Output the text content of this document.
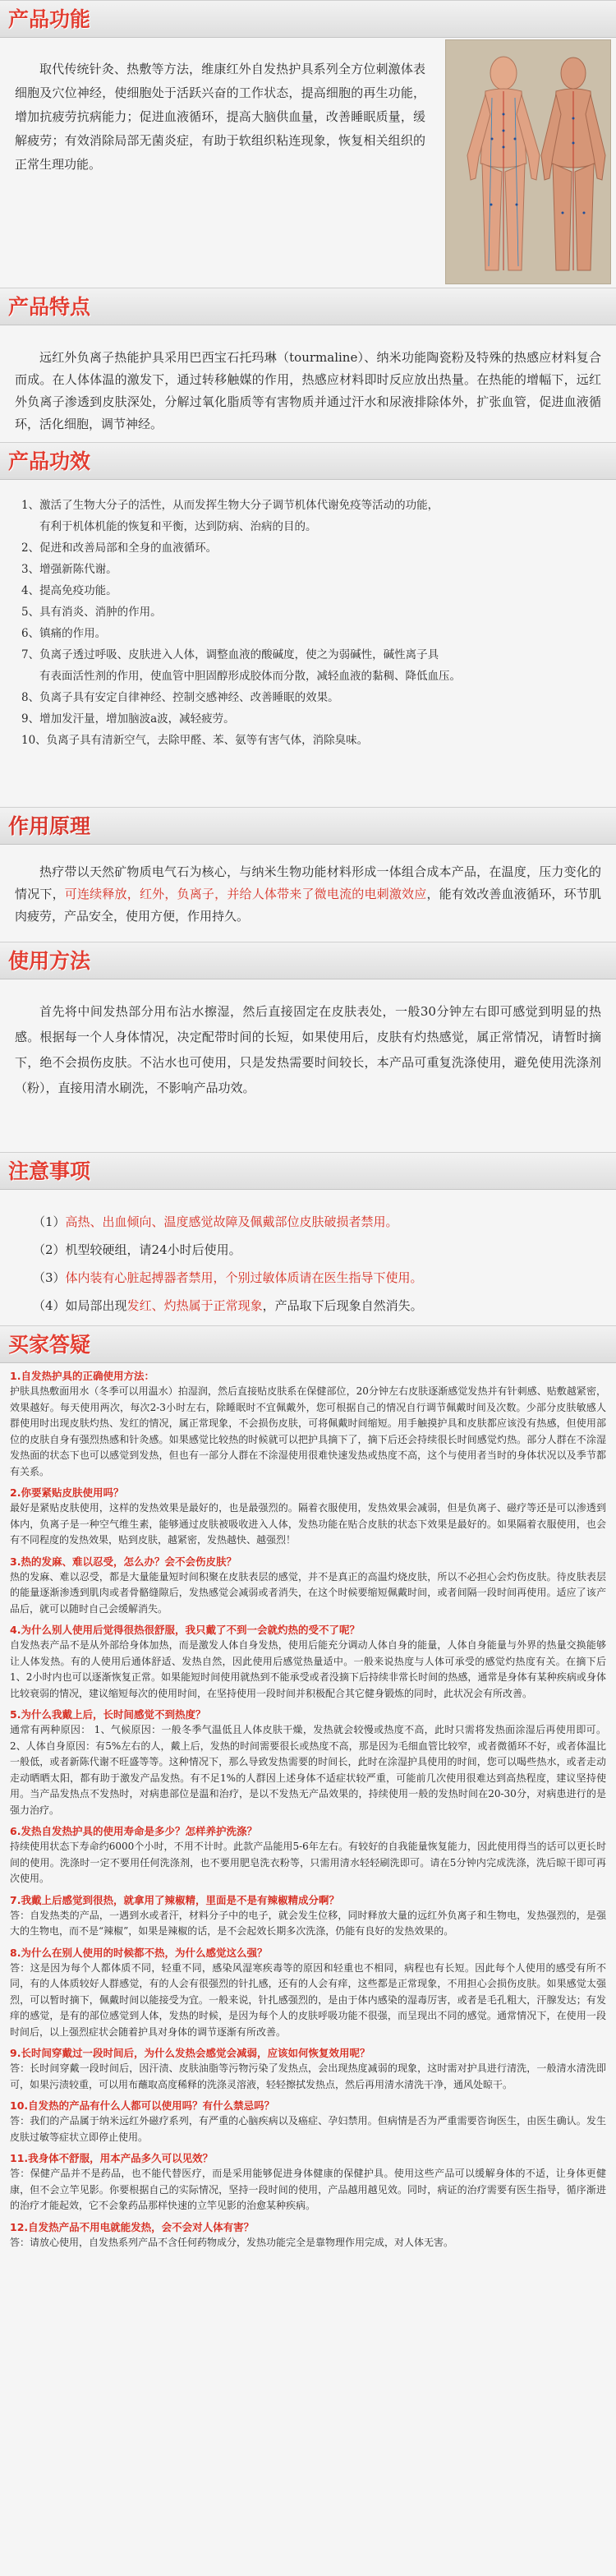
产品功能

取代传统针灸、热敷等方法，维康红外自发热护具系列全方位刺激体表细胞及穴位神经，使细胞处于活跃兴奋的工作状态，提高细胞的再生功能，增加抗疲劳抗病能力；促进血液循环，提高大脑供血量，改善睡眠质量，缓解疲劳；有效消除局部无菌炎症，有助于软组织粘连现象，恢复相关组织的正常生理功能。

产品特点

远红外负离子热能护具采用巴西宝石托玛琳（tourmaline）、纳米功能陶瓷粉及特殊的热感应材料复合而成。在人体体温的激发下，通过转移触媒的作用，热感应材料即时反应放出热量。在热能的增幅下，远红外负离子渗透到皮肤深处，分解过氧化脂质等有害物质并通过汗水和尿液排除体外，扩张血管，促进血液循环，活化细胞，调节神经。

产品功效
1、激活了生物大分子的活性，从而发挥生物大分子调节机体代谢免疫等活动的功能，
有利于机体机能的恢复和平衡，达到防病、治病的目的。
2、促进和改善局部和全身的血液循环。
3、增强新陈代谢。
4、提高免疫功能。
5、具有消炎、消肿的作用。
6、镇痛的作用。
7、负离子透过呼吸、皮肤进入人体，调整血液的酸碱度，使之为弱碱性，碱性离子具
有表面活性剂的作用，使血管中胆固醇形成胶体而分散，减轻血液的黏稠、降低血压。
8、负离子具有安定自律神经、控制交感神经、改善睡眠的效果。
9、增加发汗量，增加脑波a波，减轻疲劳。
10、负离子具有清新空气，去除甲醛、苯、氨等有害气体，消除臭味。
作用原理

热疗带以天然矿物质电气石为核心，与纳米生物功能材料形成一体组合成本产品，在温度，压力变化的情况下，可连续释放，红外，负离子，并给人体带来了微电流的电刺激效应，能有效改善血液循环，环节肌肉疲劳，产品安全，使用方便，作用持久。

使用方法

首先将中间发热部分用布沾水擦湿，然后直接固定在皮肤表处，一般30分钟左右即可感觉到明显的热感。根据每一个人身体情况，决定配带时间的长短，如果使用后，皮肤有灼热感觉，属正常情况，请暂时摘下，绝不会损伤皮肤。不沾水也可使用，只是发热需要时间较长，本产品可重复洗涤使用，避免使用洗涤剂（粉），直接用清水刷洗，不影响产品功效。

注意事项
（1）高热、出血倾向、温度感觉故障及佩戴部位皮肤破损者禁用。
（2）机型较硬组，请24小时后使用。
（3）体内装有心脏起搏器者禁用，个别过敏体质请在医生指导下使用。
（4）如局部出现发红、灼热属于正常现象，产品取下后现象自然消失。
买家答疑
1.自发热护具的正确使用方法：
护肤具热敷面用水（冬季可以用温水）拍湿润，然后直接贴皮肤系在保健部位，20分钟左右皮肤逐渐感觉发热并有针刺感、贴敷越紧密，效果越好。每天使用两次，每次2-3小时左右，除睡眠时不宜佩戴外，您可根据自己的情况自行调节佩戴时间及次数。少部分皮肤敏感人群使用时出现皮肤灼热、发红的情况，属正常现象，不会损伤皮肤，可将佩戴时间缩短。用手触摸护具和皮肤都应该没有热感，但使用部位的皮肤自身有强烈热感和针灸感。如果感觉比较热的时候就可以把护具摘下了，摘下后还会持续很长时间感觉灼热。部分人群在不涂湿发热面的状态下也可以感觉到发热，但也有一部分人群在不涂湿使用很难快速发热或热度不高，这个与使用者当时的身体状况以及季节都有关系。
2.你要紧贴皮肤使用吗？
最好是紧贴皮肤使用，这样的发热效果是最好的，也是最强烈的。隔着衣服使用，发热效果会减弱，但是负离子、磁疗等还是可以渗透到体内，负离子是一种空气维生素，能够通过皮肤被吸收进入人体，发热功能在贴合皮肤的状态下效果是最好的。如果隔着衣服使用，也会有不同程度的发热效果，贴到皮肤，越紧密，发热越快、越强烈！
3.热的发麻、难以忍受，怎么办？会不会伤皮肤？
热的发麻、难以忍受，都是大量能量短时间积聚在皮肤表层的感觉，并不是真正的高温灼烧皮肤，所以不必担心会灼伤皮肤。待皮肤表层的能量逐渐渗透到肌肉或者骨骼缝隙后，发热感觉会减弱或者消失，在这个时候要缩短佩戴时间，或者间隔一段时间再使用。适应了该产品后，就可以随时自己会缓解消失。
4.为什么别人使用后觉得很热很舒服，我只戴了不到一会就灼热的受不了呢？
自发热表产品不是从外部给身体加热，而是激发人体自身发热，使用后能充分调动人体自身的能量，人体自身能量与外界的热量交换能够让人体发热。有的人使用后通体舒适、发热自然，因此使用后感觉热量适中。一般来说热度与人体可承受的感觉灼热度有关。在摘下后1、2小时内也可以逐渐恢复正常。如果能短时间使用就热到不能承受或者没摘下后持续非常长时间的热感，通常是身体有某种疾病或身体比较衰弱的情况，建议缩短每次的使用时间，在坚持使用一段时间并积极配合其它健身锻炼的同时，此状况会有所改善。
5.为什么我戴上后，长时间感觉不到热度？
通常有两种原因： 1、气候原因：一般冬季气温低且人体皮肤干燥，发热就会较慢或热度不高，此时只需将发热面涂湿后再使用即可。 2、人体自身原因：有5%左右的人，戴上后，发热的时间需要很长或热度不高，那是因为毛细血管比较窄，或者微循环不好，或者体温比一般低，或者新陈代谢不旺盛等等。这种情况下，那么导致发热需要的时间长，此时在涂湿护具使用的时间，您可以喝些热水，或者走动走动晒晒太阳，都有助于激发产品发热。有不足1%的人群因上述身体不适症状较严重，可能前几次使用很难达到高热程度，建议坚持使用。当产品发热点不发热时，对病患部位是温和治疗，是以不发热无产品效果的，持续使用一般的发热时间在20-30分，对病患进行的是强力治疗。
6.发热自发热护具的使用寿命是多少？怎样养护洗涤？
持续使用状态下寿命约6000个小时，不用不计时。此款产品能用5-6年左右。有较好的自我能量恢复能力，因此使用得当的话可以更长时间的使用。洗涤时一定不要用任何洗涤剂，也不要用肥皂洗衣粉等，只需用清水轻轻刷洗即可。请在5分钟内完成洗涤，洗后晾干即可再次使用。
7.我戴上后感觉到很热，就拿用了辣椒精，里面是不是有辣椒精成分啊？
答：自发热类的产品，一遇到水或者汗，材料分子中的电子，就会发生位移，同时释放大量的远红外负离子和生物电，发热强烈的，是强大的生物电，而不是“辣椒”，如果是辣椒的话，是不会起效长期多次洗涤，仍能有良好的发热效果的。
8.为什么在别人使用的时候都不热，为什么感觉这么强？
答：这是因为每个人都体质不同，轻重不同，感染风湿寒疾毒等的原因和轻重也不相同，病程也有长短。因此每个人使用的感受有所不同，有的人体质较好人群感觉，有的人会有很强烈的针扎感，还有的人会有痒，这些都是正常现象，不用担心会损伤皮肤。如果感觉太强烈，可以暂时摘下，佩戴时间以能接受为宜。一般来说，针扎感强烈的，是由于体内感染的湿毒厉害，或者是毛孔粗大，汗腺发达；有发痒的感觉，是有的部位感觉到人体，发热的时候，是因为每个人的皮肤呼吸功能不很强，而呈现出不同的感觉。通常情况下，在使用一段时间后，以上强烈症状会随着护具对身体的调节逐渐有所改善。
9.长时间穿戴过一段时间后，为什么发热会感觉会减弱，应该如何恢复效用呢？
答：长时间穿戴一段时间后，因汗渍、皮肤油脂等污物污染了发热点，会出现热度减弱的现象，这时需对护具进行清洗，一般清水清洗即可，如果污渍较重，可以用布蘸取高度稀释的洗涤灵溶液，轻轻擦拭发热点，然后再用清水清洗干净，通风处晾干。
10.自发热的产品有什么人都可以使用吗？有什么禁忌吗？
答：我们的产品属于纳米远红外磁疗系列，有严重的心脑疾病以及癌症、孕妇禁用。但病情是否为严重需要咨询医生，由医生确认。发生皮肤过敏等症状立即停止使用。
11.我身体不舒服，用本产品多久可以见效？
答：保健产品并不是药品，也不能代替医疗，而是采用能够促进身体健康的保健护具。使用这些产品可以缓解身体的不适，让身体更健康，但不会立竿见影。你要根据自己的实际情况，坚持一段时间的使用，产品越用越见效。同时，病证的治疗需要有医生指导，循序渐进的治疗才能起效，它不会象药品那样快速的立竿见影的治愈某种疾病。
12.自发热产品不用电就能发热，会不会对人体有害？
答：请放心使用，自发热系列产品不含任何药物成分，发热功能完全是靠物理作用完成，对人体无害。
